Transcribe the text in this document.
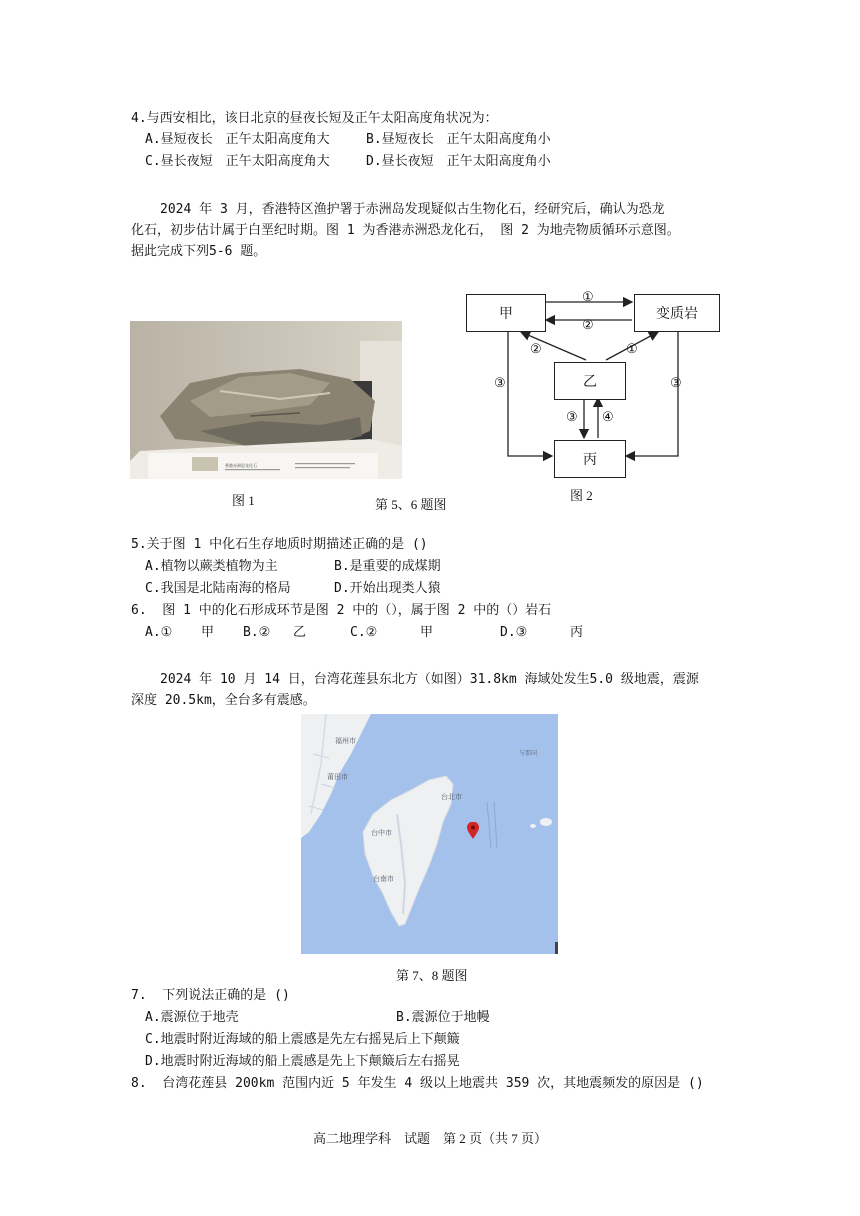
4.与西安相比，该日北京的昼夜长短及正午太阳高度角状况为：
A.昼短夜长　正午太阳高度角大	B.昼短夜长　正午太阳高度角小
C.昼长夜短　正午太阳高度角大	D.昼长夜短　正午太阳高度角小
2024 年 3 月，香港特区渔护署于赤洲岛发现疑似古生物化石，经研究后，确认为恐龙
化石，初步估计属于白垩纪时期。图 1 为香港赤洲恐龙化石， 图 2 为地壳物质循环示意图。
据此完成下列5-6 题。
香港赤洲恐龙化石
图 1	第 5、6 题图
甲	变质岩
乙
丙
①
②
②	①
③	③
③ ④
图 2
5.关于图 1 中化石生存地质时期描述正确的是 ()
A.植物以蕨类植物为主	B.是重要的成煤期
C.我国是北陆南海的格局	D.开始出现类人猿
6.  图 1 中的化石形成环节是图 2 中的（），属于图 2 中的（）岩石
A.① 甲 B.② 乙	C.②	甲	D.③	丙
2024 年 10 月 14 日，台湾花莲县东北方（如图）31.8km 海域处发生5.0 级地震，震源
深度 20.5km，全台多有震感。
福州市
莆田市
台北市
台中市
台南市
与那国
第 7、8 题图
7.  下列说法正确的是 ()
A.震源位于地壳	B.震源位于地幔
C.地震时附近海域的船上震感是先左右摇晃后上下颠簸
D.地震时附近海域的船上震感是先上下颠簸后左右摇晃
8.  台湾花莲县 200km 范围内近 5 年发生 4 级以上地震共 359 次，其地震频发的原因是 ()
高二地理学科　试题　第 2 页（共 7 页）
